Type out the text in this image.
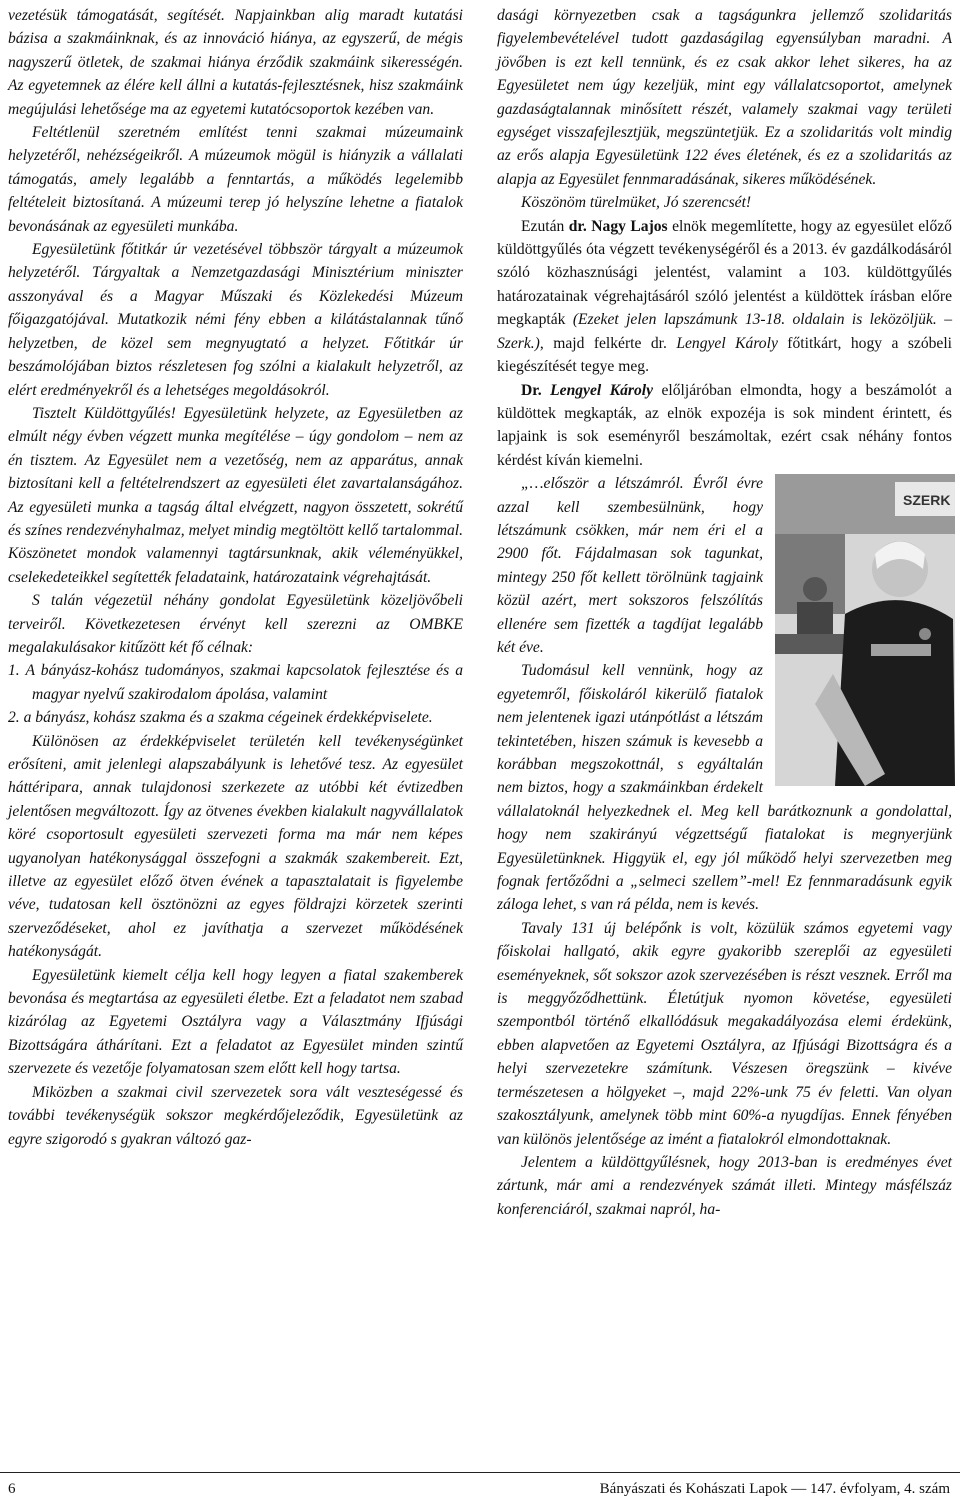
vezetésük támogatását, segítését. Napjainkban alig maradt kutatási bázisa a szakmáinknak, és az innováció hiánya, az egyszerű, de mégis nagyszerű ötletek, de szakmai hiánya érződik szakmáink sikerességén. Az egyetemnek az élére kell állni a kutatás-fejlesztésnek, hisz szakmáink megújulási lehetősége ma az egyetemi kutatócsoportok kezében van.

Feltétlenül szeretném említést tenni szakmai múzeumaink helyzetéről, nehézségeikről. A múzeumok mögül is hiányzik a vállalati támogatás, amely legalább a fenntartás, a működés legelemibb feltételeit biztosítaná. A múzeumi terep jó helyszíne lehetne a fiatalok bevonásának az egyesületi munkába.

Egyesületünk főtitkár úr vezetésével többször tárgyalt a múzeumok helyzetéről. Tárgyaltak a Nemzetgazdasági Minisztérium miniszter asszonyával és a Magyar Műszaki és Közlekedési Múzeum főigazgatójával. Mutatkozik némi fény ebben a kilátástalannak tűnő helyzetben, de közel sem megnyugtató a helyzet. Főtitkár úr beszámolójában biztos részletesen fog szólni a kialakult helyzetről, az elért eredményekről és a lehetséges megoldásokról.

Tisztelt Küldöttgyűlés! Egyesületünk helyzete, az Egyesületben az elmúlt négy évben végzett munka megítélése – úgy gondolom – nem az én tisztem. Az Egyesület nem a vezetőség, nem az apparátus, annak biztosítani kell a feltételrendszert az egyesületi élet zavartalanságához. Az egyesületi munka a tagság által elvégzett, nagyon összetett, sokrétű és színes rendezvényhalmaz, melyet mindig megtöltött kellő tartalommal. Köszönetet mondok valamennyi tagtársunknak, akik véleményükkel, cselekedeteikkel segítették feladataink, határozataink végrehajtását.

S talán végezetül néhány gondolat Egyesületünk közeljövőbeli terveiről. Következetesen érvényt kell szerezni az OMBKE megalakulásakor kitűzött két fő célnak:

1. A bányász-kohász tudományos, szakmai kapcsolatok fejlesztése és a magyar nyelvű szakirodalom ápolása, valamint

2. a bányász, kohász szakma és a szakma cégeinek érdekképviselete.

Különösen az érdekképviselet területén kell tevékenységünket erősíteni, amit jelenlegi alapszabályunk is lehetővé tesz. Az egyesület háttéripara, annak tulajdonosi szerkezete az utóbbi két évtizedben jelentősen megváltozott. Így az ötvenes években kialakult nagyvállalatok köré csoportosult egyesületi szervezeti forma ma már nem képes ugyanolyan hatékonysággal összefogni a szakmák szakembereit. Ezt, illetve az egyesület előző ötven évének a tapasztalatait is figyelembe véve, tudatosan kell ösztönözni az egyes földrajzi körzetek szerinti szerveződéseket, ahol ez javíthatja a szervezet működésének hatékonyságát.

Egyesületünk kiemelt célja kell hogy legyen a fiatal szakemberek bevonása és megtartása az egyesületi életbe. Ezt a feladatot nem szabad kizárólag az Egyetemi Osztályra vagy a Választmány Ifjúsági Bizottságára áthárítani. Ezt a feladatot az Egyesület minden szintű szervezete és vezetője folyamatosan szem előtt kell hogy tartsa.

Miközben a szakmai civil szervezetek sora vált veszteségessé és további tevékenységük sokszor megkérdőjeleződik, Egyesületünk az egyre szigorodó s gyakran változó gaz-

dasági környezetben csak a tagságunkra jellemző szolidaritás figyelembevételével tudott gazdaságilag egyensúlyban maradni. A jövőben is ezt kell tennünk, és ez csak akkor lehet sikeres, ha az Egyesületet nem úgy kezeljük, mint egy vállalatcsoportot, amelynek gazdaságtalannak minősített részét, valamely szakmai vagy területi egységet visszafejlesztjük, megszüntetjük. Ez a szolidaritás volt mindig az erős alapja Egyesületünk 122 éves életének, és ez a szolidaritás az alapja az Egyesület fennmaradásának, sikeres működésének.

Köszönöm türelmüket, Jó szerencsét!

Ezután dr. Nagy Lajos elnök megemlítette, hogy az egyesület előző küldöttgyűlés óta végzett tevékenységéről és a 2013. év gazdálkodásáról szóló közhasznúsági jelentést, valamint a 103. küldöttgyűlés határozatainak végrehajtásáról szóló jelentést a küldöttek írásban előre megkapták (Ezeket jelen lapszámunk 13-18. oldalain is leközöljük. – Szerk.), majd felkérte dr. Lengyel Károly főtitkárt, hogy a szóbeli kiegészítését tegye meg.

Dr. Lengyel Károly előljáróban elmondta, hogy a beszámolót a küldöttek megkapták, az elnök expozéja is sok mindent érintett, és lapjaink is sok eseményről beszámoltak, ezért csak néhány fontos kérdést kíván kiemelni.

SZERK

„…először a létszámról. Évről évre azzal kell szembesülnünk, hogy létszámunk csökken, már nem éri el a 2900 főt. Fájdalmasan sok tagunkat, mintegy 250 főt kellett törölnünk tagjaink közül azért, mert sokszoros felszólítás ellenére sem fizették a tagdíjat legalább két éve.

Tudomásul kell vennünk, hogy az egyetemről, főiskoláról kikerülő fiatalok nem jelentenek igazi utánpótlást a létszám tekintetében, hiszen számuk is kevesebb a korábban megszokottnál, s egyáltalán nem biztos, hogy a szakmáinkban érdekelt vállalatoknál helyezkednek el. Meg kell barátkoznunk a gondolattal, hogy nem szakirányú végzettségű fiatalokat is megnyerjünk Egyesületünknek. Higgyük el, egy jól működő helyi szervezetben meg fognak fertőződni a „selmeci szellem”-mel! Ez fennmaradásunk egyik záloga lehet, s van rá példa, nem is kevés.

Tavaly 131 új belépőnk is volt, közülük számos egyetemi vagy főiskolai hallgató, akik egyre gyakoribb szereplői az egyesületi eseményeknek, sőt sokszor azok szervezésében is részt vesznek. Erről ma is meggyőződhettünk. Életútjuk nyomon követése, egyesületi szempontból történő elkallódásuk megakadályozása elemi érdekünk, ebben alapvetően az Egyetemi Osztályra, az Ifjúsági Bizottságra és a helyi szervezetekre számítunk. Vészesen öregszünk – kivéve természetesen a hölgyeket –, majd 22%-unk 75 év feletti. Van olyan szakosztályunk, amelynek több mint 60%-a nyugdíjas. Ennek fényében van különös jelentősége az imént a fiatalokról elmondottaknak.

Jelentem a küldöttgyűlésnek, hogy 2013-ban is eredményes évet zártunk, már ami a rendezvények számát illeti. Mintegy másfélszáz konferenciáról, szakmai napról, ha-

6	Bányászati és Kohászati Lapok — 147. évfolyam, 4. szám
